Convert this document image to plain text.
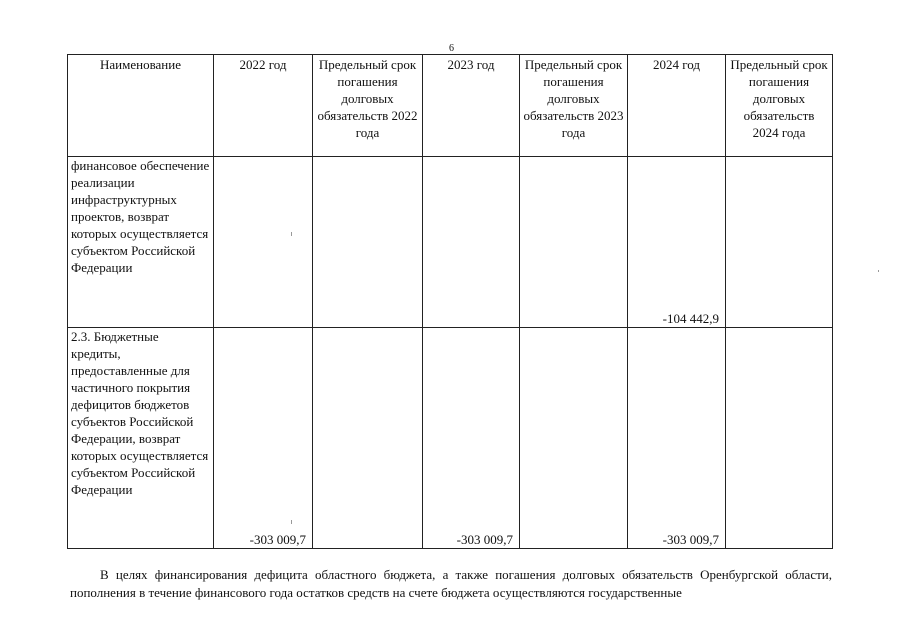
6
Наименование	2022 год	Предельный срок погашения долговых обязательств 2022 года	2023 год	Предельный срок погашения долговых обязательств 2023 года	2024 год	Предельный срок погашения долговых обязательств 2024 года
финансовое обеспечение реализации инфраструктурных проектов, возврат которых осуществляется субъектом Российской Федерации					-104 442,9	
2.3. Бюджетные кредиты, предоставленные для частичного покрытия дефицитов бюджетов субъектов Российской Федерации, возврат которых осуществляется субъектом Российской Федерации	-303 009,7		-303 009,7		-303 009,7	
В целях финансирования дефицита областного бюджета, а также погашения долговых обязательств Оренбургской области, пополнения в течение финансового года остатков средств на счете бюджета осуществляются государственные
